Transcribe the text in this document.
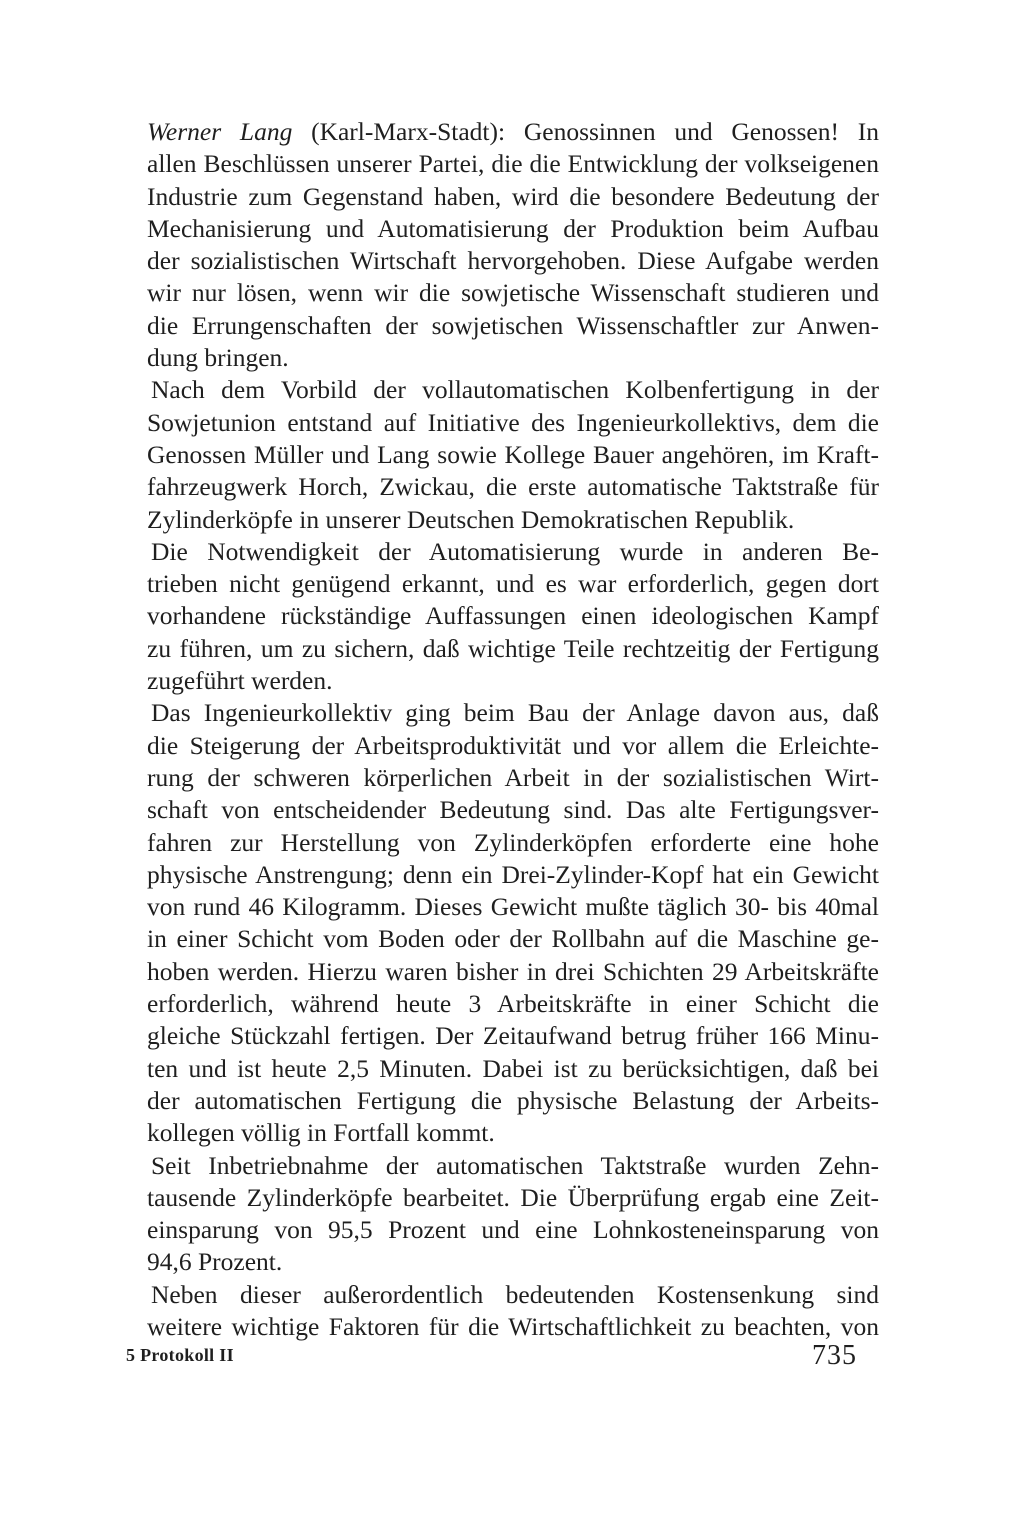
Werner Lang (Karl-Marx-Stadt): Genossinnen und Genossen! In
allen Beschlüssen unserer Partei, die die Entwicklung der volkseigenen
Industrie zum Gegenstand haben, wird die besondere Bedeutung der
Mechanisierung und Automatisierung der Produktion beim Aufbau
der sozialistischen Wirtschaft hervorgehoben. Diese Aufgabe werden
wir nur lösen, wenn wir die sowjetische Wissenschaft studieren und
die Errungenschaften der sowjetischen Wissenschaftler zur Anwen-
dung bringen.
Nach dem Vorbild der vollautomatischen Kolbenfertigung in der
Sowjetunion entstand auf Initiative des Ingenieurkollektivs, dem die
Genossen Müller und Lang sowie Kollege Bauer angehören, im Kraft-
fahrzeugwerk Horch, Zwickau, die erste automatische Taktstraße für
Zylinderköpfe in unserer Deutschen Demokratischen Republik.
Die Notwendigkeit der Automatisierung wurde in anderen Be-
trieben nicht genügend erkannt, und es war erforderlich, gegen dort
vorhandene rückständige Auffassungen einen ideologischen Kampf
zu führen, um zu sichern, daß wichtige Teile rechtzeitig der Fertigung
zugeführt werden.
Das Ingenieurkollektiv ging beim Bau der Anlage davon aus, daß
die Steigerung der Arbeitsproduktivität und vor allem die Erleichte-
rung der schweren körperlichen Arbeit in der sozialistischen Wirt-
schaft von entscheidender Bedeutung sind. Das alte Fertigungsver-
fahren zur Herstellung von Zylinderköpfen erforderte eine hohe
physische Anstrengung; denn ein Drei-Zylinder-Kopf hat ein Gewicht
von rund 46 Kilogramm. Dieses Gewicht mußte täglich 30- bis 40mal
in einer Schicht vom Boden oder der Rollbahn auf die Maschine ge-
hoben werden. Hierzu waren bisher in drei Schichten 29 Arbeitskräfte
erforderlich, während heute 3 Arbeitskräfte in einer Schicht die
gleiche Stückzahl fertigen. Der Zeitaufwand betrug früher 166 Minu-
ten und ist heute 2,5 Minuten. Dabei ist zu berücksichtigen, daß bei
der automatischen Fertigung die physische Belastung der Arbeits-
kollegen völlig in Fortfall kommt.
Seit Inbetriebnahme der automatischen Taktstraße wurden Zehn-
tausende Zylinderköpfe bearbeitet. Die Überprüfung ergab eine Zeit-
einsparung von 95,5 Prozent und eine Lohnkosteneinsparung von
94,6 Prozent.
Neben dieser außerordentlich bedeutenden Kostensenkung sind
weitere wichtige Faktoren für die Wirtschaftlichkeit zu beachten, von
5 Protokoll II	735
